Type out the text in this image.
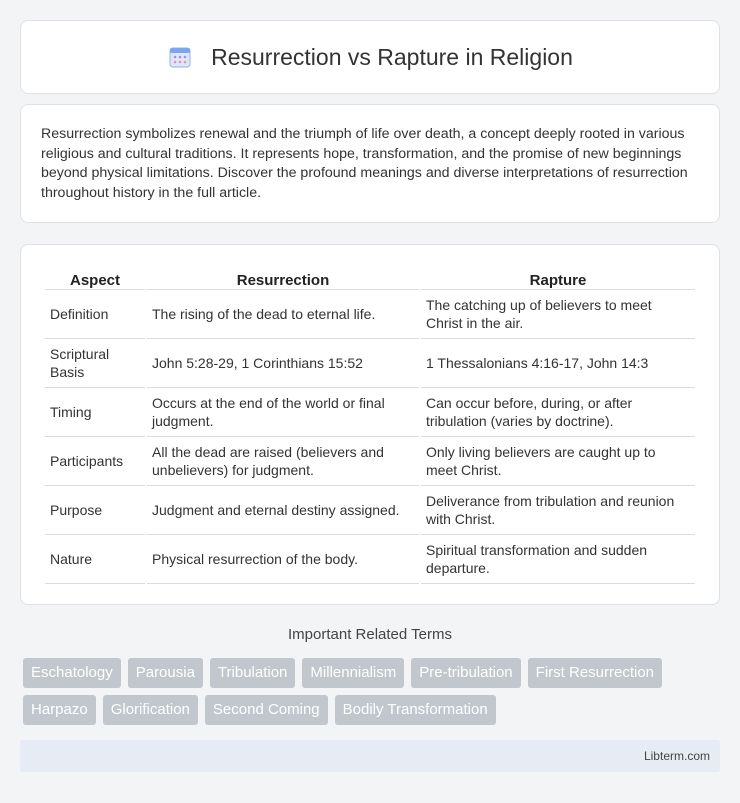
Resurrection vs Rapture in Religion

Resurrection symbolizes renewal and the triumph of life over death, a concept deeply rooted in various religious and cultural traditions. It represents hope, transformation, and the promise of new beginnings beyond physical limitations. Discover the profound meanings and diverse interpretations of resurrection throughout history in the full article.

Aspect	Resurrection	Rapture
Definition	The rising of the dead to eternal life.	The catching up of believers to meet Christ in the air.
Scriptural Basis	John 5:28-29, 1 Corinthians 15:52	1 Thessalonians 4:16-17, John 14:3
Timing	Occurs at the end of the world or final judgment.	Can occur before, during, or after tribulation (varies by doctrine).
Participants	All the dead are raised (believers and unbelievers) for judgment.	Only living believers are caught up to meet Christ.
Purpose	Judgment and eternal destiny assigned.	Deliverance from tribulation and reunion with Christ.
Nature	Physical resurrection of the body.	Spiritual transformation and sudden departure.
Important Related Terms
Eschatology	Parousia	Tribulation	Millennialism	Pre-tribulation	First Resurrection
Harpazo	Glorification	Second Coming	Bodily Transformation
Libterm.com
